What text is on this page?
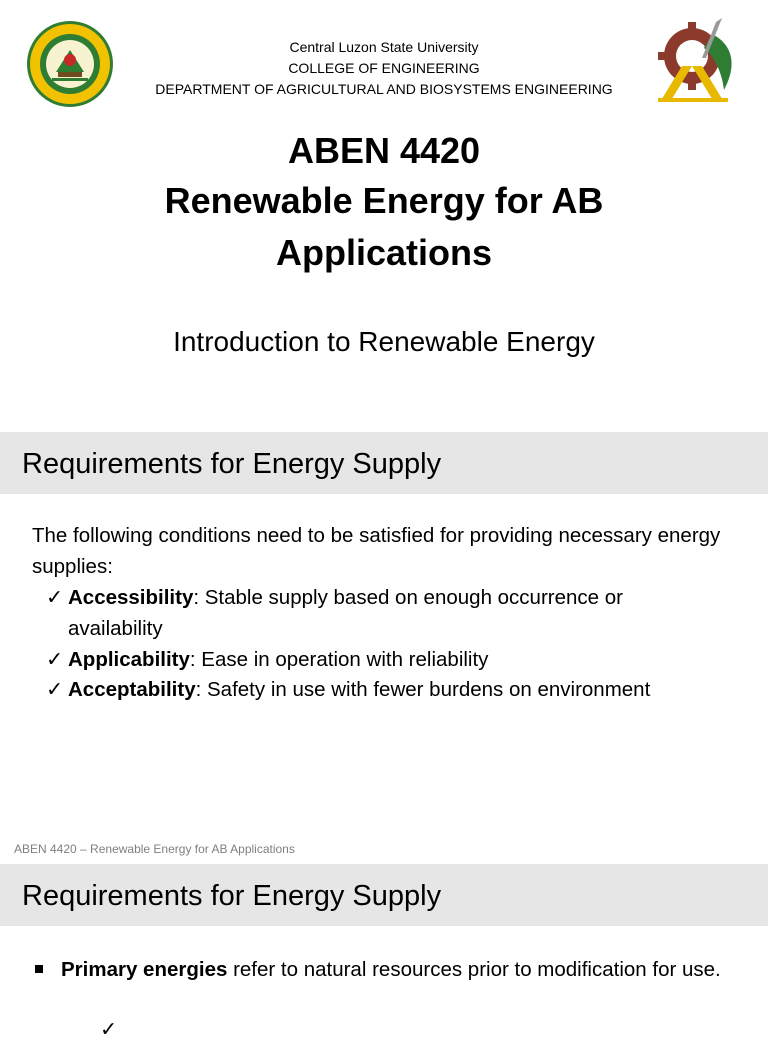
Central Luzon State University
COLLEGE OF ENGINEERING
DEPARTMENT OF AGRICULTURAL AND BIOSYSTEMS ENGINEERING
ABEN 4420
Renewable Energy for AB
Applications
Introduction to Renewable Energy
Requirements for Energy Supply
The following conditions need to be satisfied for providing necessary energy supplies:
✓ Accessibility: Stable supply based on enough occurrence or
availability
✓ Applicability: Ease in operation with reliability
✓ Acceptability: Safety in use with fewer burdens on environment
ABEN 4420 – Renewable Energy for AB Applications
Requirements for Energy Supply
Primary energies refer to natural resources prior to modification for use.
✓
